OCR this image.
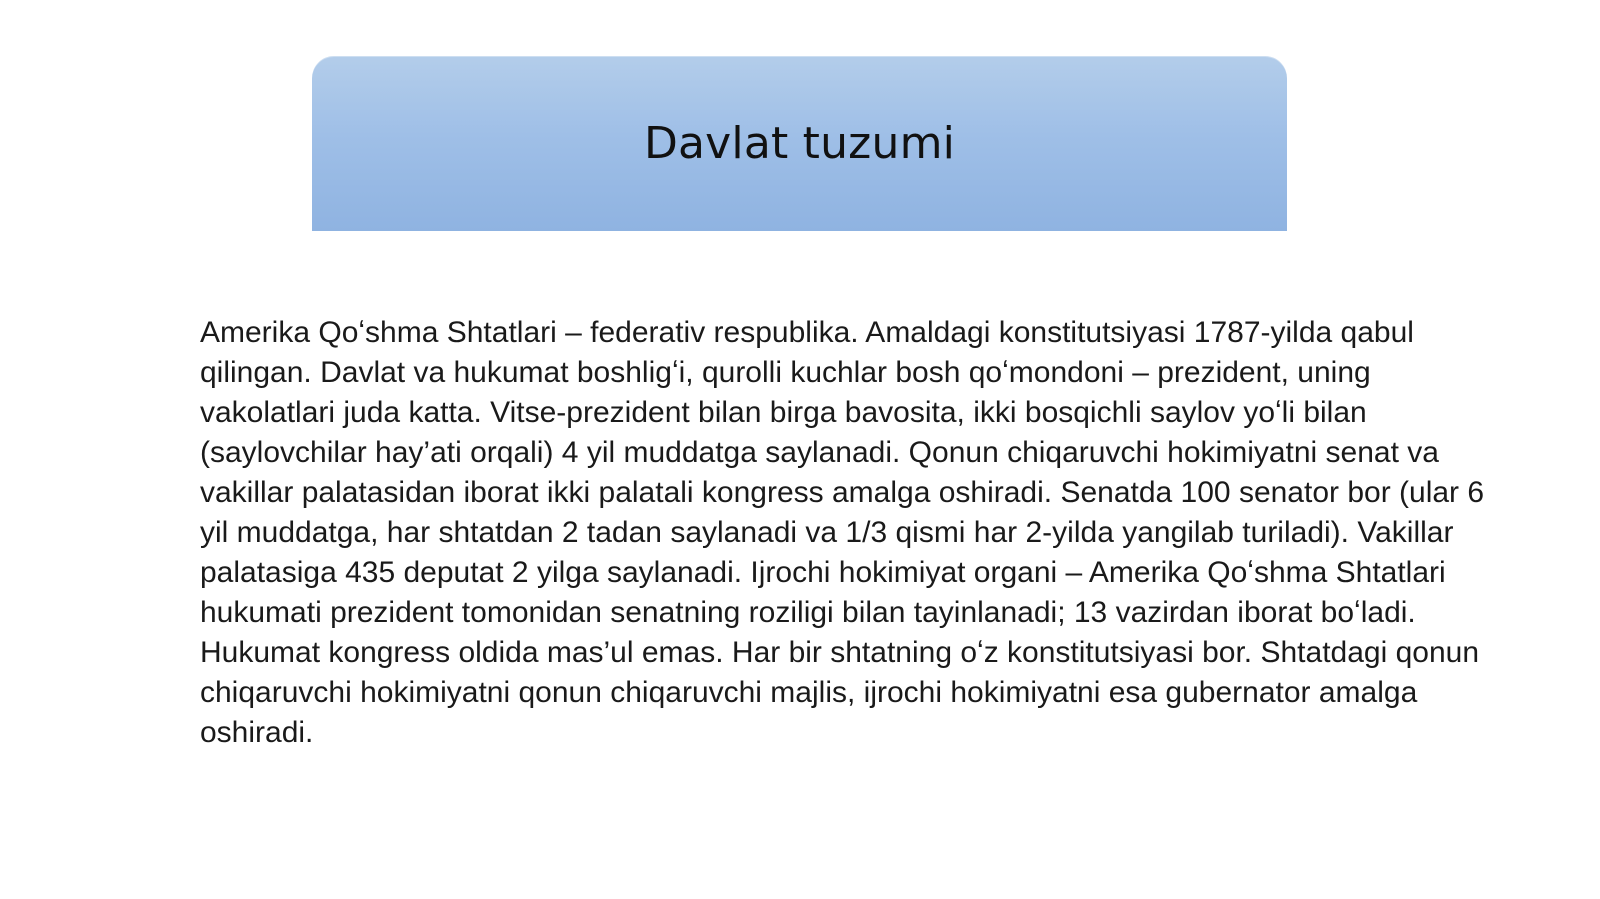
Davlat tuzumi

Amerika Qoʻshma Shtatlari – federativ respublika. Amaldagi konstitutsiyasi 1787-yilda qabul qilingan. Davlat va hukumat boshligʻi, qurolli kuchlar bosh qoʻmondoni – prezident, uning vakolatlari juda katta. Vitse-prezident bilan birga bavosita, ikki bosqichli saylov yoʻli bilan (saylovchilar hay’ati orqali) 4 yil muddatga saylanadi. Qonun chiqaruvchi hokimiyatni senat va vakillar palatasidan iborat ikki palatali kongress amalga oshiradi. Senatda 100 senator bor (ular 6 yil muddatga, har shtatdan 2 tadan saylanadi va 1/3 qismi har 2-yilda yangilab turiladi). Vakillar palatasiga 435 deputat 2 yilga saylanadi. Ijrochi hokimiyat organi – Amerika Qoʻshma Shtatlari hukumati prezident tomonidan senatning roziligi bilan tayinlanadi; 13 vazirdan iborat boʻladi. Hukumat kongress oldida mas’ul emas. Har bir shtatning oʻz konstitutsiyasi bor. Shtatdagi qonun chiqaruvchi hokimiyatni qonun chiqaruvchi majlis, ijrochi hokimiyatni esa gubernator amalga oshiradi.
